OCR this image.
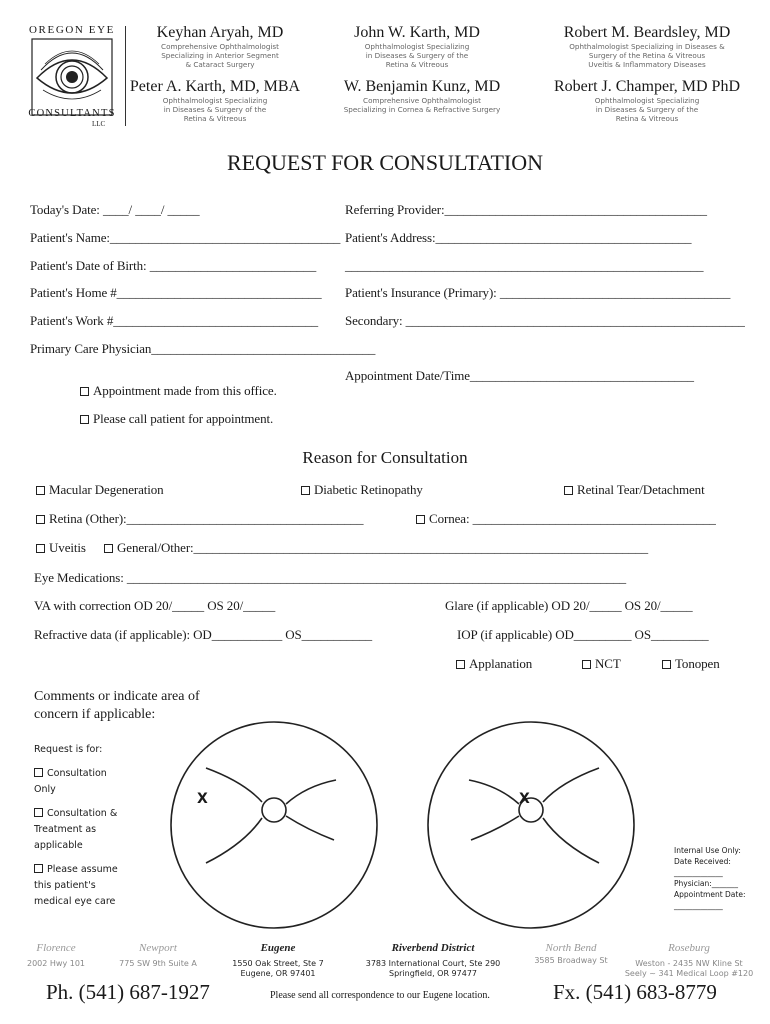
OREGON EYE
CONSULTANTS
LLC
Keyhan Aryah, MD
Comprehensive Ophthalmologist
Specializing in Anterior Segment
& Cataract Surgery
John W. Karth, MD
Ophthalmologist Specializing
in Diseases & Surgery of the
Retina & Vitreous
Robert M. Beardsley, MD
Ophthalmologist Specializing in Diseases &
Surgery of the Retina & Vitreous
Uveitis & Inflammatory Diseases
Peter A. Karth, MD, MBA
Ophthalmologist Specializing
in Diseases & Surgery of the
Retina & Vitreous
W. Benjamin Kunz, MD
Comprehensive Ophthalmologist
Specializing in Cornea & Refractive Surgery
Robert J. Champer, MD PhD
Ophthalmologist Specializing
in Diseases & Surgery of the
Retina & Vitreous
REQUEST FOR CONSULTATION
Today's Date: ____/ ____/ _____	Referring Provider:_________________________________________
Patient's Name:____________________________________ Patient's Address:________________________________________
Patient's Date of Birth: __________________________ ________________________________________________________
Patient's Home #________________________________ Patient's Insurance (Primary): ____________________________________
Patient's Work #________________________________ Secondary: _____________________________________________________
Primary Care Physician___________________________________
Appointment Date/Time___________________________________
Appointment made from this office.
Please call patient for appointment.
Reason for Consultation
Macular Degeneration	Diabetic Retinopathy	Retinal Tear/Detachment
Retina (Other):_____________________________________	Cornea: ______________________________________
Uveitis	General/Other:_______________________________________________________________________
Eye Medications: ______________________________________________________________________________
VA with correction OD 20/_____ OS 20/_____	Glare (if applicable) OD 20/_____ OS 20/_____
Refractive data (if applicable): OD___________ OS___________	IOP (if applicable) OD_________ OS_________
Applanation	NCT	Tonopen
Comments or indicate area of concern if applicable:
Request is for:
Consultation Only
Consultation & Treatment as applicable
Please assume this patient's medical eye care
X	X
Internal Use Only:
Date Received:
_____________
Physician:_______
Appointment Date:
_____________
Florence
2002 Hwy 101
Newport
775 SW 9th Suite A
Eugene
1550 Oak Street, Ste 7
Eugene, OR 97401
Riverbend District
3783 International Court, Ste 290
Springfield, OR 97477
North Bend
3585 Broadway St
Roseburg
Weston - 2435 NW Kline St
Seely ~ 341 Medical Loop #120
Ph. (541) 687-1927	Please send all correspondence to our Eugene location.	Fx. (541) 683-8779
